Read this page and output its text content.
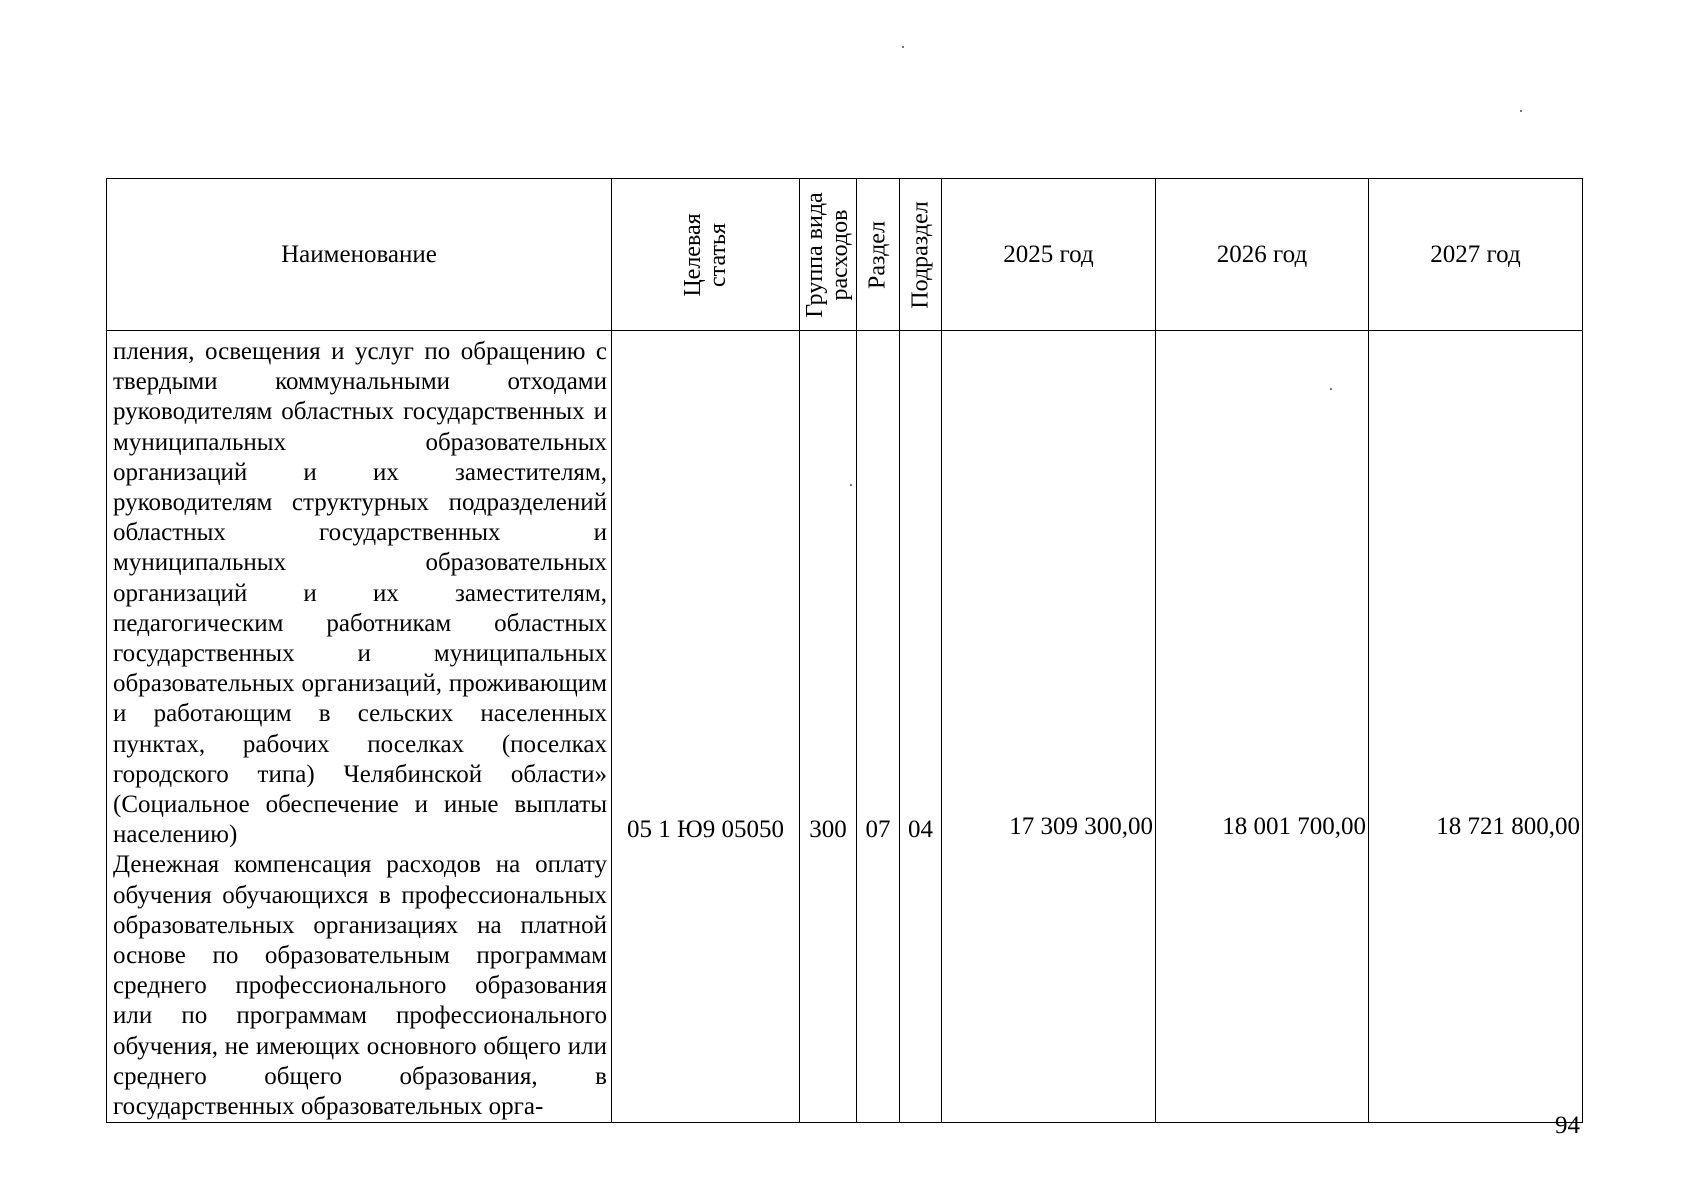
Наименование	Целевая статья	Группа вида расходов	Раздел	Подраздел	2025 год	2026 год	2027 год

пления, освещения и услуг по обращению с твердыми коммунальными отходами руководителям областных государственных и муниципальных образовательных организаций и их заместителям, руководителям структурных подразделений областных государственных и муниципальных образовательных организаций и их заместителям, педагогическим работникам областных государственных и муниципальных образовательных организаций, проживающим и работающим в сельских населенных пунктах, рабочих поселках (поселках городского типа) Челябинской области» (Социальное обеспечение и иные выплаты населению)

Денежная компенсация расходов на оплату обучения обучающихся в профессиональных образовательных организациях на платной основе по образовательным программам среднего профессионального образования или по программам профессионального обучения, не имеющих основного общего или среднего общего образования, в государственных образовательных орга-	05 1 Ю9 05050	300	07	04	17 309 300,00	18 001 700,00	18 721 800,00
94
